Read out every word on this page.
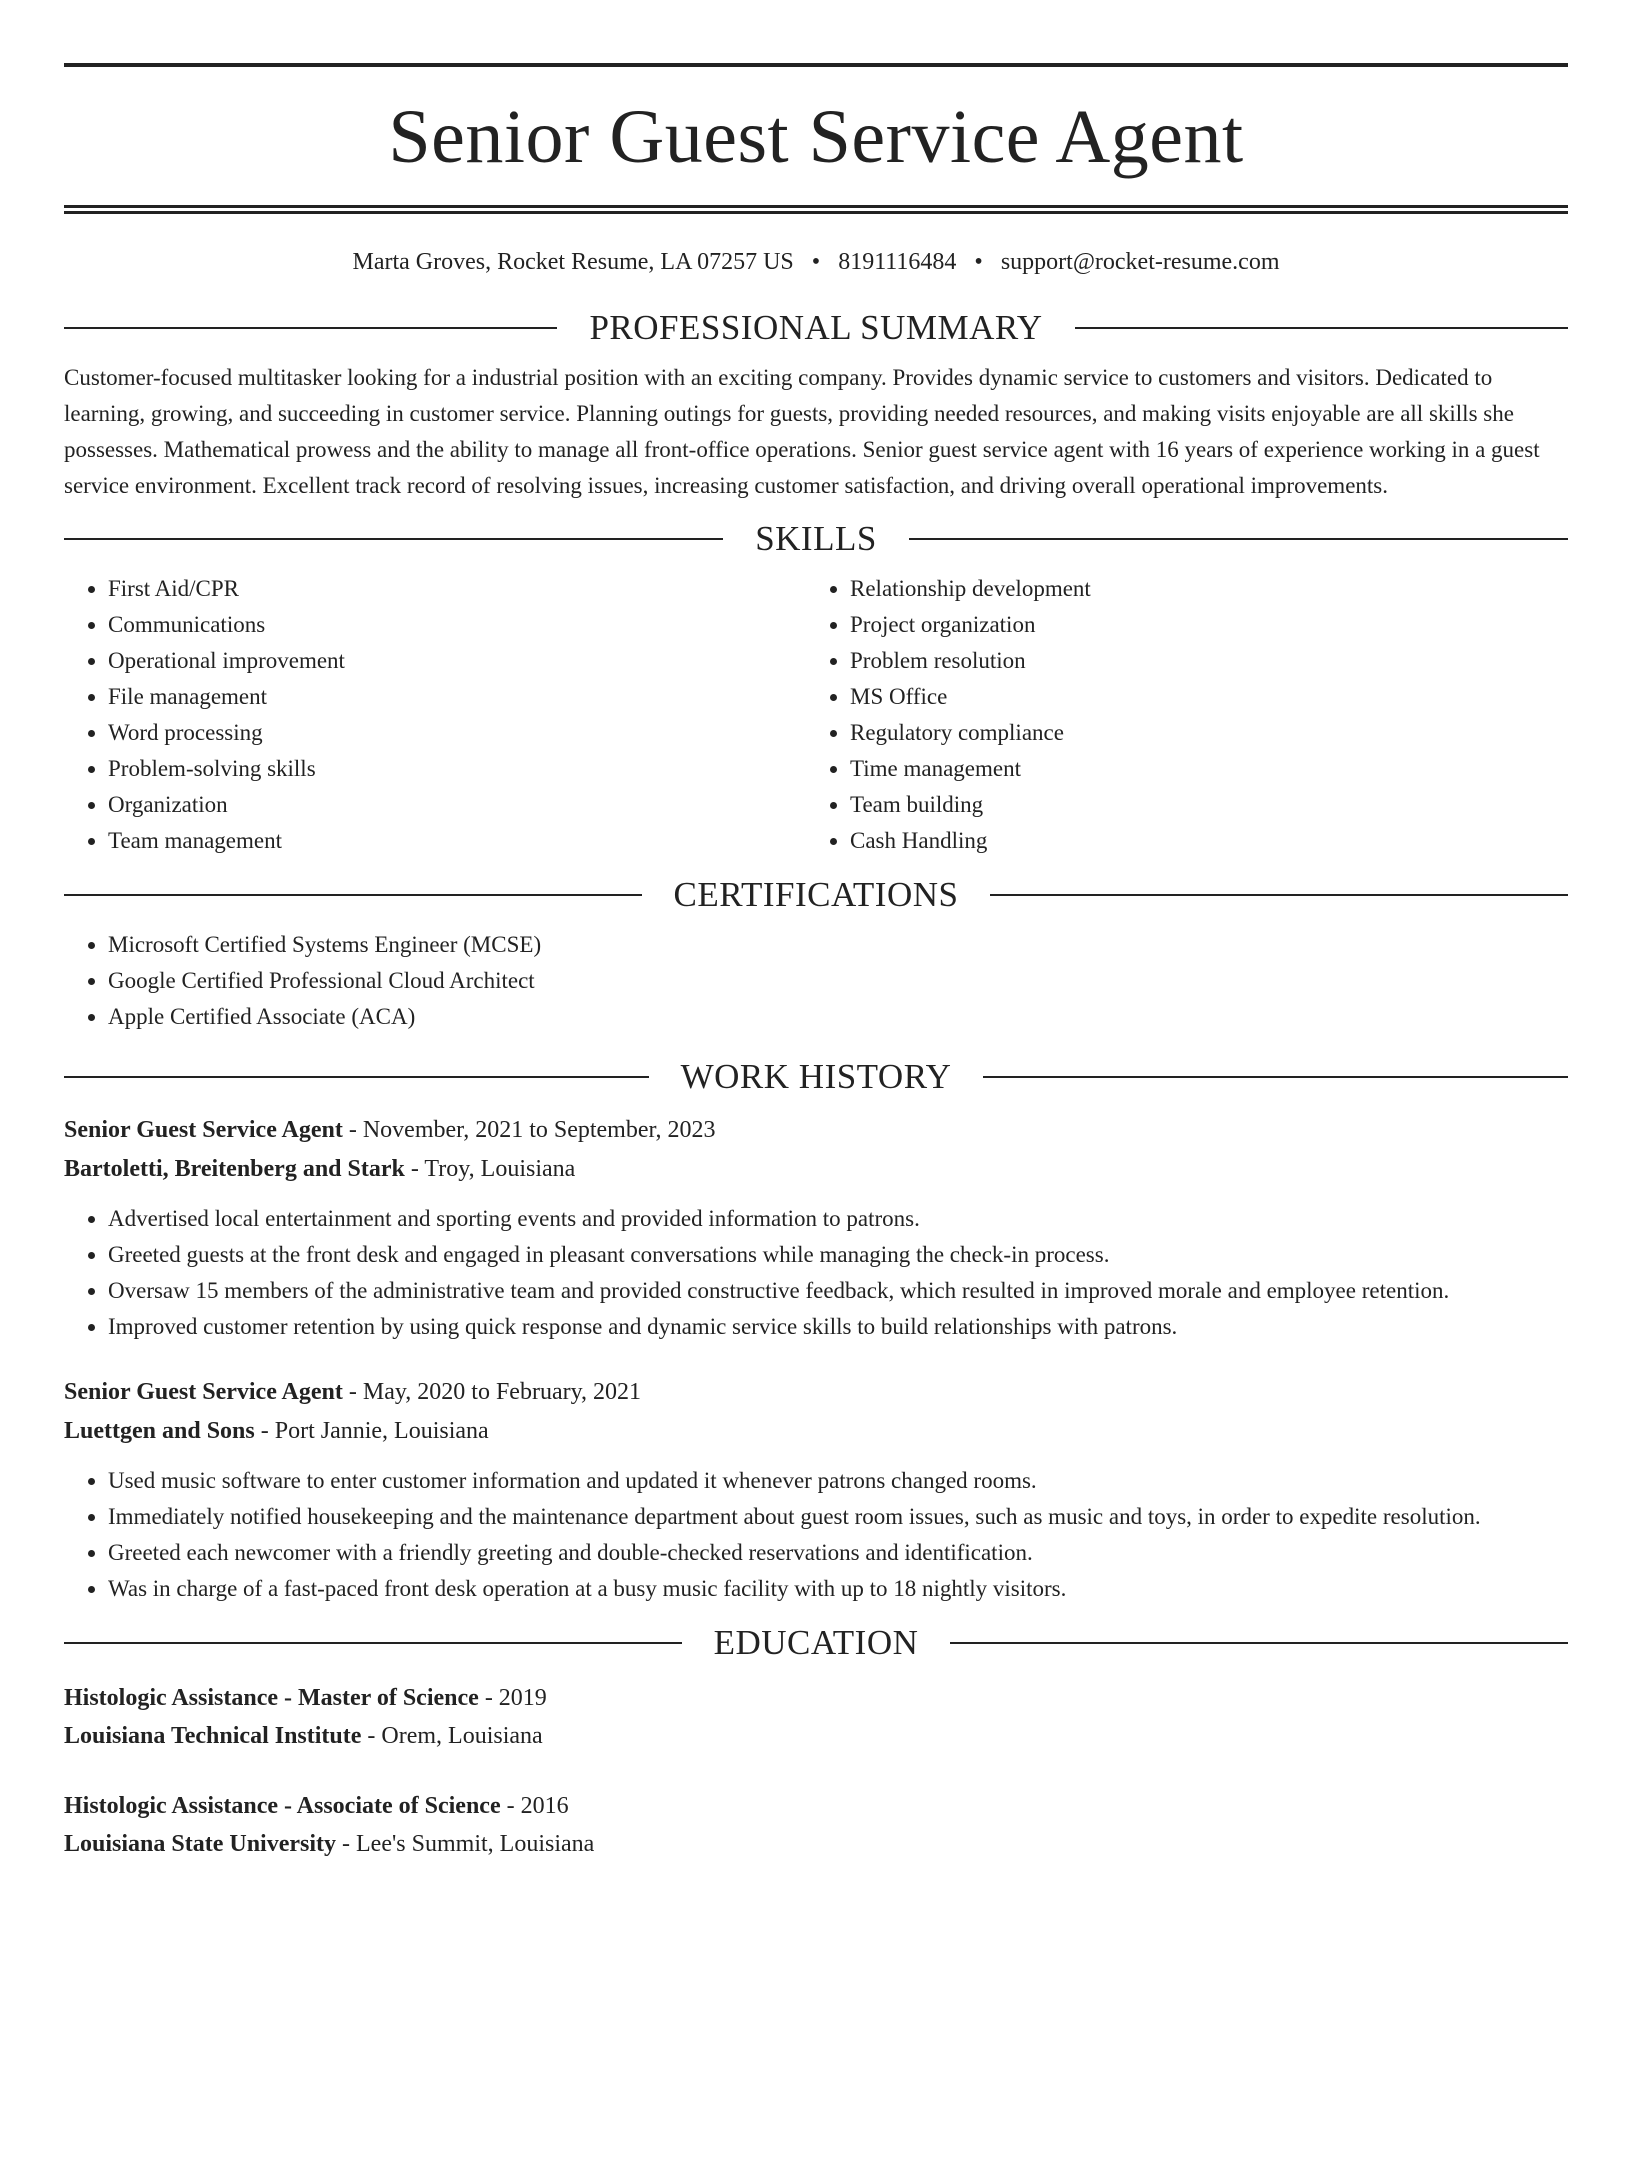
Senior Guest Service Agent
Marta Groves, Rocket Resume, LA 07257 US • 8191116484 • support@rocket-resume.com
PROFESSIONAL SUMMARY
Customer-focused multitasker looking for a industrial position with an exciting company. Provides dynamic service to customers and visitors. Dedicated to learning, growing, and succeeding in customer service. Planning outings for guests, providing needed resources, and making visits enjoyable are all skills she possesses. Mathematical prowess and the ability to manage all front-office operations. Senior guest service agent with 16 years of experience working in a guest service environment. Excellent track record of resolving issues, increasing customer satisfaction, and driving overall operational improvements.
SKILLS
• First Aid/CPR
• Communications
• Operational improvement
• File management
• Word processing
• Problem-solving skills
• Organization
• Team management
• Relationship development
• Project organization
• Problem resolution
• MS Office
• Regulatory compliance
• Time management
• Team building
• Cash Handling
CERTIFICATIONS
• Microsoft Certified Systems Engineer (MCSE)
• Google Certified Professional Cloud Architect
• Apple Certified Associate (ACA)
WORK HISTORY
Senior Guest Service Agent - November, 2021 to September, 2023
Bartoletti, Breitenberg and Stark - Troy, Louisiana
• Advertised local entertainment and sporting events and provided information to patrons.
• Greeted guests at the front desk and engaged in pleasant conversations while managing the check-in process.
• Oversaw 15 members of the administrative team and provided constructive feedback, which resulted in improved morale and employee retention.
• Improved customer retention by using quick response and dynamic service skills to build relationships with patrons.
Senior Guest Service Agent - May, 2020 to February, 2021
Luettgen and Sons - Port Jannie, Louisiana
• Used music software to enter customer information and updated it whenever patrons changed rooms.
• Immediately notified housekeeping and the maintenance department about guest room issues, such as music and toys, in order to expedite resolution.
• Greeted each newcomer with a friendly greeting and double-checked reservations and identification.
• Was in charge of a fast-paced front desk operation at a busy music facility with up to 18 nightly visitors.
EDUCATION
Histologic Assistance - Master of Science - 2019
Louisiana Technical Institute - Orem, Louisiana
Histologic Assistance - Associate of Science - 2016
Louisiana State University - Lee's Summit, Louisiana
